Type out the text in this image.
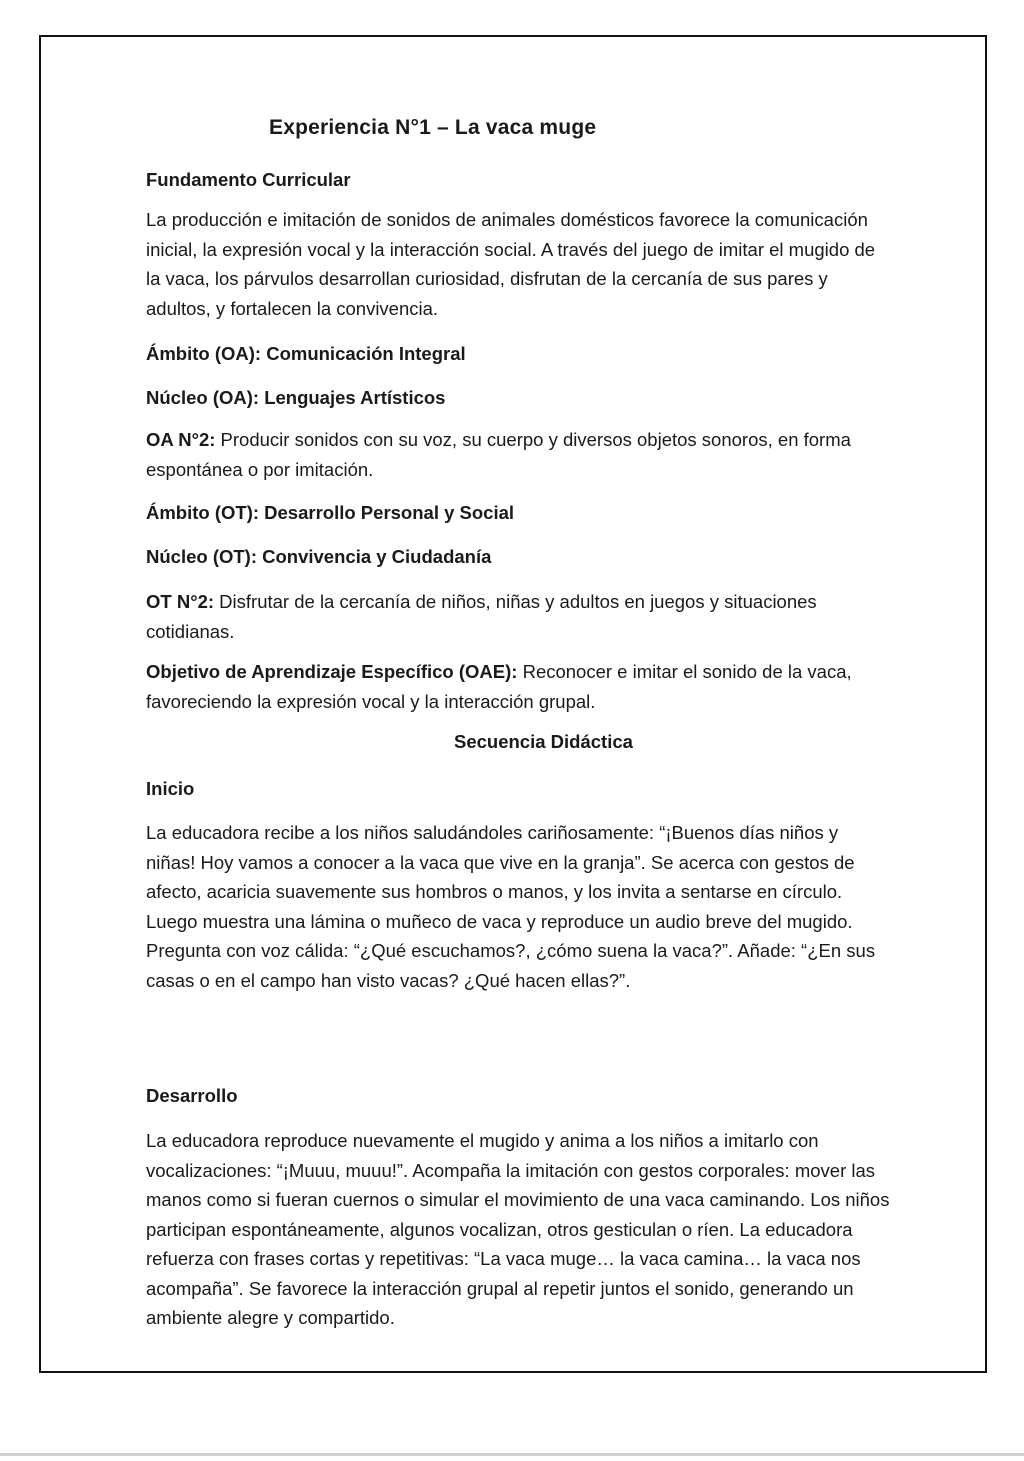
Experiencia N°1 – La vaca muge

Fundamento Curricular

La producción e imitación de sonidos de animales domésticos favorece la comunicación inicial, la expresión vocal y la interacción social. A través del juego de imitar el mugido de la vaca, los párvulos desarrollan curiosidad, disfrutan de la cercanía de sus pares y adultos, y fortalecen la convivencia.

Ámbito (OA): Comunicación Integral

Núcleo (OA): Lenguajes Artísticos

OA N°2: Producir sonidos con su voz, su cuerpo y diversos objetos sonoros, en forma espontánea o por imitación.

Ámbito (OT): Desarrollo Personal y Social

Núcleo (OT): Convivencia y Ciudadanía

OT N°2: Disfrutar de la cercanía de niños, niñas y adultos en juegos y situaciones cotidianas.

Objetivo de Aprendizaje Específico (OAE): Reconocer e imitar el sonido de la vaca, favoreciendo la expresión vocal y la interacción grupal.

Inicio

La educadora recibe a los niños saludándoles cariñosamente: “¡Buenos días niños y niñas! Hoy vamos a conocer a la vaca que vive en la granja”. Se acerca con gestos de afecto, acaricia suavemente sus hombros o manos, y los invita a sentarse en círculo. Luego muestra una lámina o muñeco de vaca y reproduce un audio breve del mugido. Pregunta con voz cálida: “¿Qué escuchamos?, ¿cómo suena la vaca?”. Añade: “¿En sus casas o en el campo han visto vacas? ¿Qué hacen ellas?”.

Desarrollo

La educadora reproduce nuevamente el mugido y anima a los niños a imitarlo con vocalizaciones: “¡Muuu, muuu!”. Acompaña la imitación con gestos corporales: mover las manos como si fueran cuernos o simular el movimiento de una vaca caminando. Los niños participan espontáneamente, algunos vocalizan, otros gesticulan o ríen. La educadora refuerza con frases cortas y repetitivas: “La vaca muge… la vaca camina… la vaca nos acompaña”. Se favorece la interacción grupal al repetir juntos el sonido, generando un ambiente alegre y compartido.

Secuencia Didáctica
